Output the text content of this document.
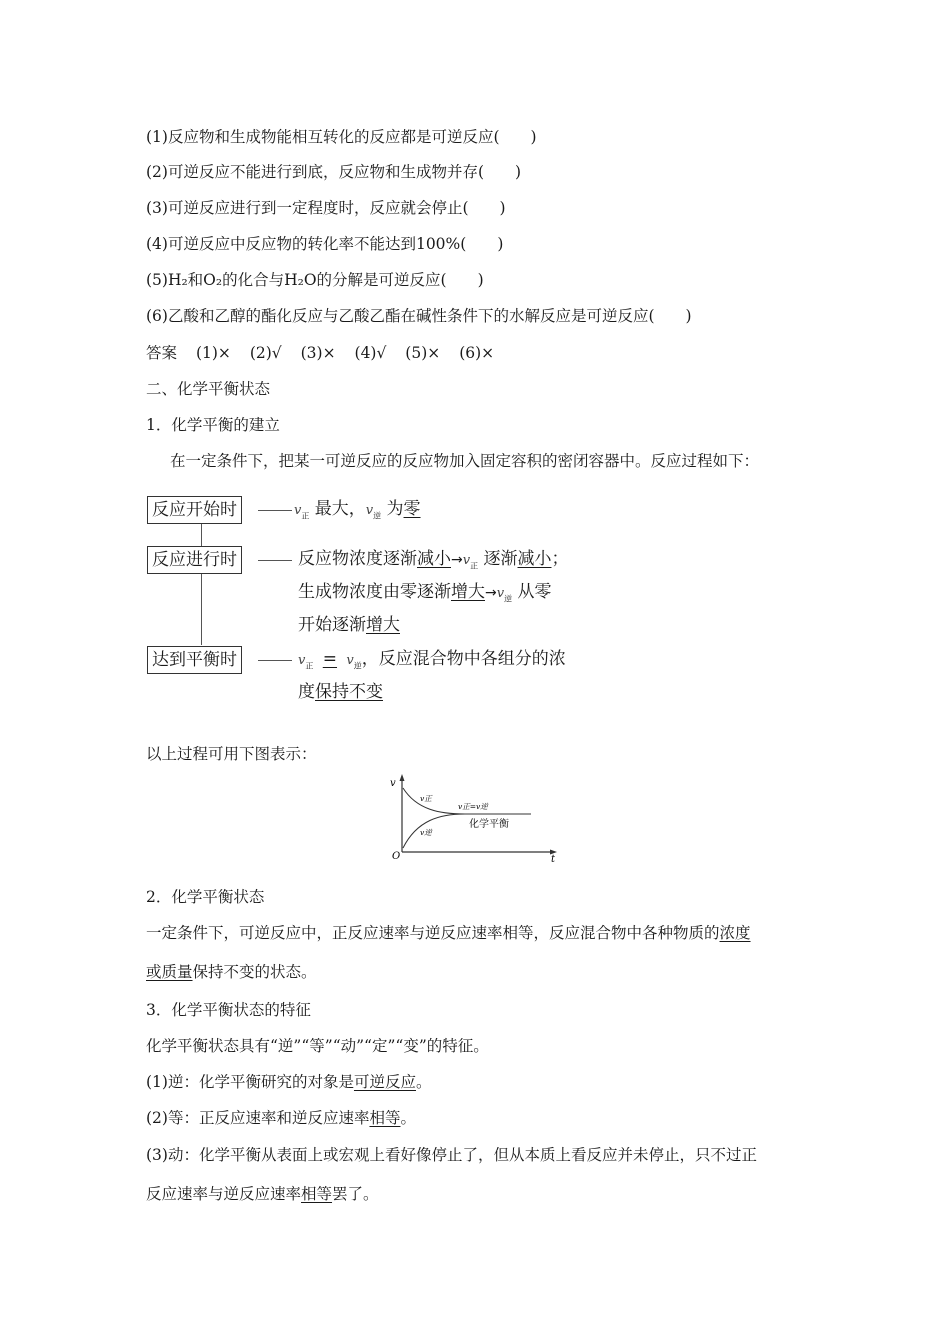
(1)反应物和生成物能相互转化的反应都是可逆反应(　　)
(2)可逆反应不能进行到底，反应物和生成物并存(　　)
(3)可逆反应进行到一定程度时，反应就会停止(　　)
(4)可逆反应中反应物的转化率不能达到100%(　　)
(5)H₂和O₂的化合与H₂O的分解是可逆反应(　　)
(6)乙酸和乙醇的酯化反应与乙酸乙酯在碱性条件下的水解反应是可逆反应(　　)
答案 (1)× (2)√ (3)× (4)√ (5)× (6)×
二、化学平衡状态
1．化学平衡的建立
在一定条件下，把某一可逆反应的反应物加入固定容积的密闭容器中。反应过程如下：
反应开始时	$v_正$ 最大，$v_逆$ 为零
反应进行时	反应物浓度逐渐减小$\to v_正$ 逐渐减小；
生成物浓度由零逐渐增大$\to v_逆$ 从零
开始逐渐增大
达到平衡时	$v_正 = v_逆$，反应混合物中各组分的浓
度保持不变
以上过程可用下图表示：
v
t
O
v正
v逆
v正=v逆
化学平衡
2．化学平衡状态
一定条件下，可逆反应中，正反应速率与逆反应速率相等，反应混合物中各种物质的浓度
或质量保持不变的状态。
3．化学平衡状态的特征
化学平衡状态具有“逆”“等”“动”“定”“变”的特征。
(1)逆：化学平衡研究的对象是可逆反应。
(2)等：正反应速率和逆反应速率相等。
(3)动：化学平衡从表面上或宏观上看好像停止了，但从本质上看反应并未停止，只不过正
反应速率与逆反应速率相等罢了。
